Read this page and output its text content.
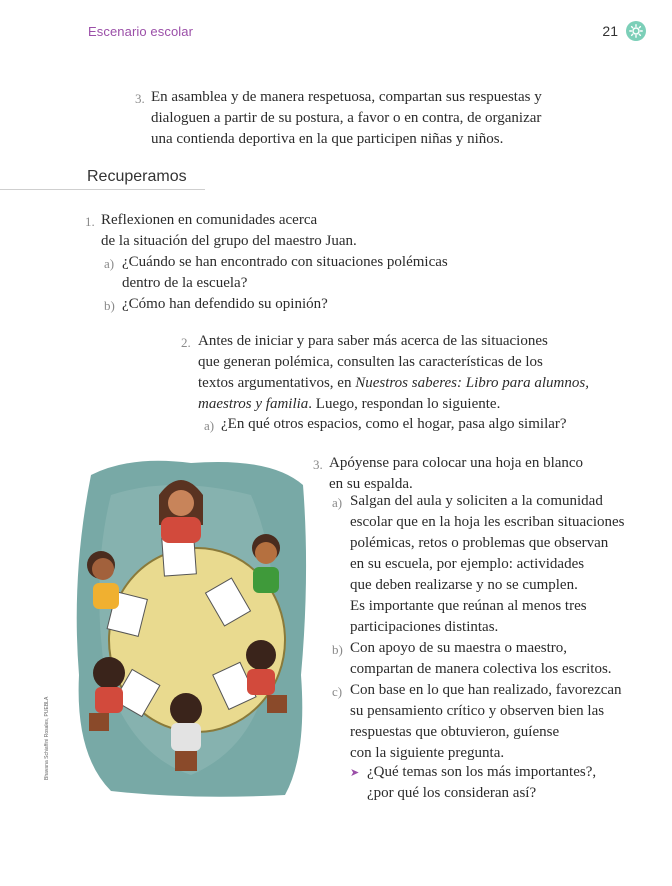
Escenario escolar	21
3. En asamblea y de manera respetuosa, compartan sus respuestas y
dialoguen a partir de su postura, a favor o en contra, de organizar
una contienda deportiva en la que participen niñas y niños.
Recuperamos
1. Reflexionen en comunidades acerca
de la situación del grupo del maestro Juan.
a) ¿Cuándo se han encontrado con situaciones polémicas
dentro de la escuela?
b) ¿Cómo han defendido su opinión?
2. Antes de iniciar y para saber más acerca de las situaciones
que generan polémica, consulten las características de los
textos argumentativos, en Nuestros saberes: Libro para alumnos,
maestros y familia. Luego, respondan lo siguiente.
a) ¿En qué otros espacios, como el hogar, pasa algo similar?
Bhavana Schiaffini Rosales, PUEBLA
3. Apóyense para colocar una hoja en blanco
en su espalda.
a) Salgan del aula y soliciten a la comunidad
escolar que en la hoja les escriban situaciones
polémicas, retos o problemas que observan
en su escuela, por ejemplo: actividades
que deben realizarse y no se cumplen.
Es importante que reúnan al menos tres
participaciones distintas.
b) Con apoyo de su maestra o maestro,
compartan de manera colectiva los escritos.
c) Con base en lo que han realizado, favorezcan
su pensamiento crítico y observen bien las
respuestas que obtuvieron, guíense
con la siguiente pregunta.
➤ ¿Qué temas son los más importantes?,
¿por qué los consideran así?
